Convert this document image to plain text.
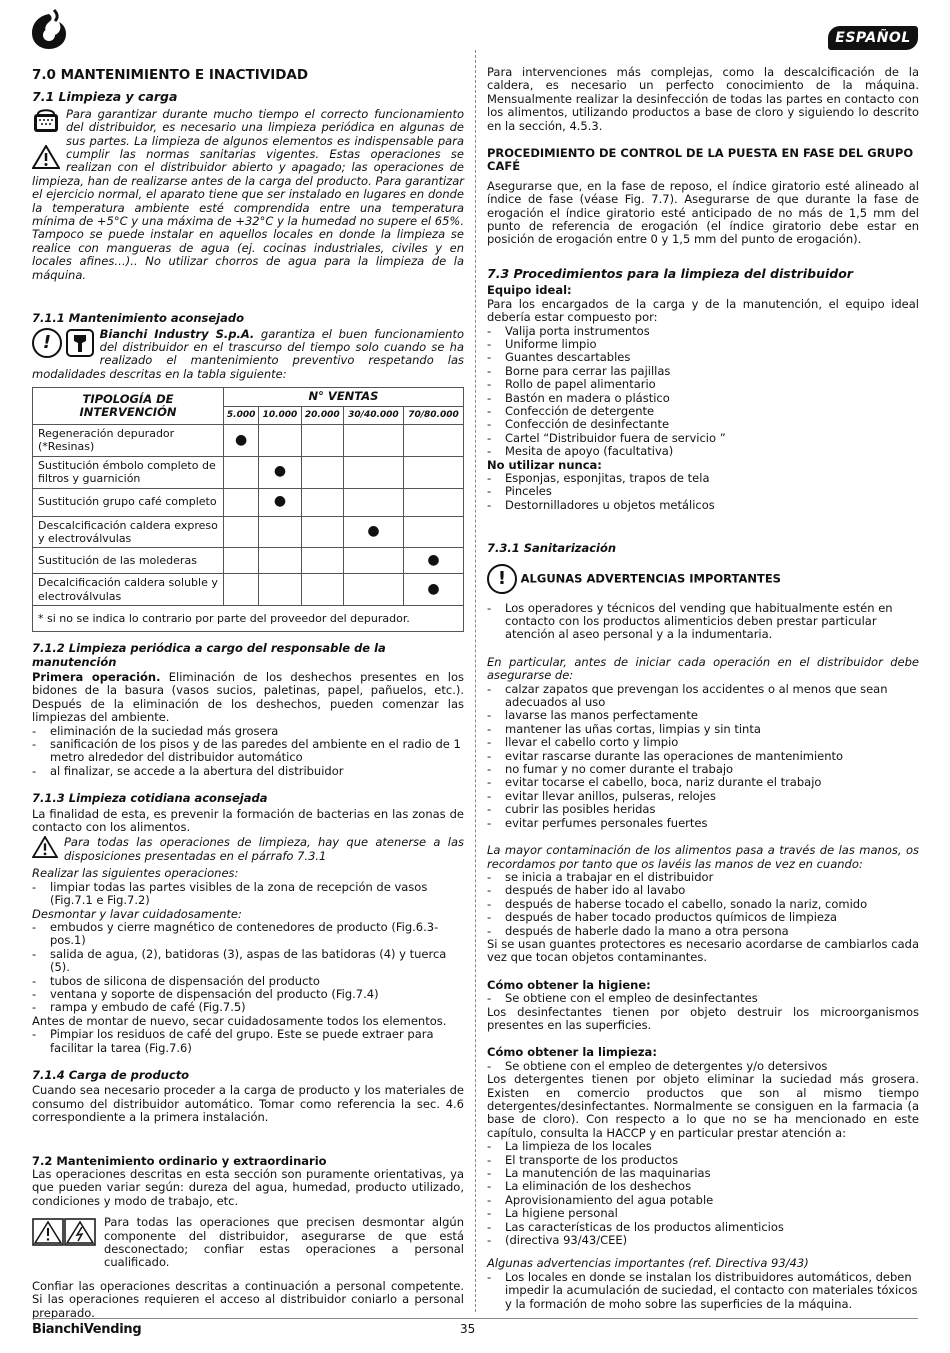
ESPAÑOL
7.0 MANTENIMIENTO E INACTIVIDAD
7.1 Limpieza y carga

Para garantizar durante mucho tiempo el correcto funcionamiento del distribuidor, es necesario una limpieza periódica en algunas de sus partes. La limpieza de algunos elementos es indispensable para cumplir las normas sanitarias vigentes. Estas operaciones se realizan con el distribuidor abierto y apagado; las operaciones de limpieza, han de realizarse antes de la carga del producto. Para garantizar el ejercicio normal, el aparato tiene que ser instalado en lugares en donde la temperatura ambiente esté comprendida entre una temperatura mínima de +5°C y una máxima de +32°C y la humedad no supere el 65%. Tampoco se puede instalar en aquellos locales en donde la limpieza se realice con mangueras de agua (ej. cocinas industriales, civiles y en locales afines…).. No utilizar chorros de agua para la limpieza de la máquina.
7.1.1 Mantenimiento aconsejado
!	Bianchi Industry S.p.A. garantiza el buen funcionamiento del distribuidor en el trascurso del tiempo solo cuando se ha realizado el mantenimiento preventivo respetando las modalidades descritas en la tabla siguiente:
TIPOLOGÍA DE INTERVENCIÓN	N° VENTAS				
	5.000	10.000	20.000	30/40.000	70/80.000
Regeneración depurador (*Resinas)	●				
Sustitución émbolo completo de filtros y guarnición		●			
Sustitución grupo café completo		●			
Descalcificación caldera expreso y electroválvulas				●	
Sustitución de las molederas					●
Decalcificación caldera soluble y electroválvulas					●
* si no se indica lo contrario por parte del proveedor del depurador.					
7.1.2 Limpieza periódica a cargo del responsable de la manutención

Primera operación. Eliminación de los deshechos presentes en los bidones de la basura (vasos sucios, paletinas, papel, pañuelos, etc.). Después de la eliminación de los deshechos, pueden comenzar las limpiezas del ambiente.

- eliminación de la suciedad más grosera
- sanificación de los pisos y de las paredes del ambiente en el radio de 1 metro alrededor del distribuidor automático
- al finalizar, se accede a la abertura del distribuidor
7.1.3 Limpieza cotidiana aconsejada

La finalidad de esta, es prevenir la formación de bacterias en las zonas de contacto con los alimentos.

Para todas las operaciones de limpieza, hay que atenerse a las disposiciones presentadas en el párrafo 7.3.1

Realizar las siguientes operaciones:

- limpiar todas las partes visibles de la zona de recepción de vasos (Fig.7.1 e Fig.7.2)

Desmontar y lavar cuidadosamente:

- embudos y cierre magnético de contenedores de producto (Fig.6.3-pos.1)
- salida de agua, (2), batidoras (3), aspas de las batidoras (4) y tuerca (5).
- tubos de silicona de dispensación del producto
- ventana y soporte de dispensación del producto (Fig.7.4)
- rampa y embudo de café (Fig.7.5)

Antes de montar de nuevo, secar cuidadosamente todos los elementos.

- Pimpiar los residuos de café del grupo. Este se puede extraer para facilitar la tarea (Fig.7.6)
7.1.4 Carga de producto

Cuando sea necesario proceder a la carga de producto y los materiales de consumo del distribuidor automático. Tomar como referencia la sec. 4.6 correspondiente a la primera instalación.

7.2 Mantenimiento ordinario y extraordinario

Las operaciones descritas en esta sección son puramente orientativas, ya que pueden variar según: dureza del agua, humedad, producto utilizado, condiciones y modo de trabajo, etc.

Para todas las operaciones que precisen desmontar algún componente del distribuidor, asegurarse de que está desconectado; confiar estas operaciones a personal cualificado.

Confiar las operaciones descritas a continuación a personal competente. Si las operaciones requieren el acceso al distribuidor coniarlo a personal preparado.

Para intervenciones más complejas, como la descalcificación de la caldera, es necesario un perfecto conocimiento de la máquina. Mensualmente realizar la desinfección de todas las partes en contacto con los alimentos, utilizando productos a base de cloro y siguiendo lo descrito en la sección, 4.5.3.

PROCEDIMIENTO DE CONTROL DE LA PUESTA EN FASE DEL GRUPO CAFÉ

Asegurarse que, en la fase de reposo, el índice giratorio esté alineado al índice de fase (véase Fig. 7.7). Asegurarse de que durante la fase de erogación el índice giratorio esté anticipado de no más de 1,5 mm del punto de referencia de erogación (el índice giratorio debe estar en posición de erogación entre 0 y 1,5 mm del punto de erogación).

7.3 Procedimientos para la limpieza del distribuidor
Equipo ideal:

Para los encargados de la carga y de la manutención, el equipo ideal debería estar compuesto por:

- Valija porta instrumentos
- Uniforme limpio
- Guantes descartables
- Borne para cerrar las pajillas
- Rollo de papel alimentario
- Bastón en madera o plástico
- Confección de detergente
- Confección de desinfectante
- Cartel “Distribuidor fuera de servicio ”
- Mesita de apoyo (facultativa)
No utilizar nunca:
- Esponjas, esponjitas, trapos de tela
- Pinceles
- Destornilladores u objetos metálicos
7.3.1 Sanitarización
! ALGUNAS ADVERTENCIAS IMPORTANTES
- Los operadores y técnicos del vending que habitualmente estén en contacto con los productos alimenticios deben prestar particular atención al aseo personal y a la indumentaria.

En particular, antes de iniciar cada operación en el distribuidor debe asegurarse de:

- calzar zapatos que prevengan los accidentes o al menos que sean adecuados al uso
- lavarse las manos perfectamente
- mantener las uñas cortas, limpias y sin tinta
- llevar el cabello corto y limpio
- evitar rascarse durante las operaciones de mantenimiento
- no fumar y no comer durante el trabajo
- evitar tocarse el cabello, boca, nariz durante el trabajo
- evitar llevar anillos, pulseras, relojes
- cubrir las posibles heridas
- evitar perfumes personales fuertes

La mayor contaminación de los alimentos pasa a través de las manos, os recordamos por tanto que os lavéis las manos de vez en cuando:

- se inicia a trabajar en el distribuidor
- después de haber ido al lavabo
- después de haberse tocado el cabello, sonado la nariz, comido
- después de haber tocado productos químicos de limpieza
- después de haberle dado la mano a otra persona

Si se usan guantes protectores es necesario acordarse de cambiarlos cada vez que tocan objetos contaminantes.

Cómo obtener la higiene:
- Se obtiene con el empleo de desinfectantes

Los desinfectantes tienen por objeto destruir los microorganismos presentes en las superficies.

Cómo obtener la limpieza:
- Se obtiene con el empleo de detergentes y/o detersivos

Los detergentes tienen por objeto eliminar la suciedad más grosera. Existen en comercio productos que son al mismo tiempo detergentes/desinfectantes. Normalmente se consiguen en la farmacia (a base de cloro). Con respecto a lo que no se ha mencionado en este capítulo, consulta la HACCP y en particular prestar atención a:

- La limpieza de los locales
- El transporte de los productos
- La manutención de las maquinarias
- La eliminación de los deshechos
- Aprovisionamiento del agua potable
- La higiene personal
- Las características de los productos alimenticios
- (directiva 93/43/CEE)

Algunas advertencias importantes (ref. Directiva 93/43)

- Los locales en donde se instalan los distribuidores automáticos, deben impedir la acumulación de suciedad, el contacto con materiales tóxicos y la formación de moho sobre las superficies de la máquina.
BianchiVending	35
